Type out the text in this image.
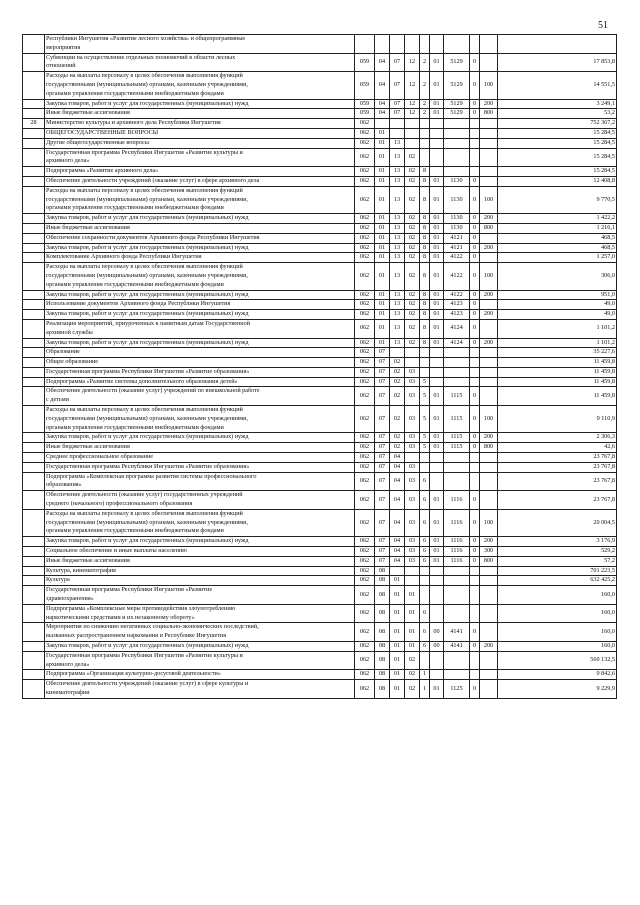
51
	Республики Ингушетия «Развитие лесного хозяйства» и общепрограммные
мероприятия										
	Субвенции на осуществление отдельных полномочий в области лесных
отношений	059	04	07	12	2	01	5129	0		17 853,8
	Расходы на выплаты персоналу в целях обеспечения выполнения функций
государственными (муниципальными) органами, казенными учреждениями,
органами управления государственными внебюджетными фондами	059	04	07	12	2	01	5129	0	100	14 551,5
	Закупка товаров, работ и услуг для государственных (муниципальных) нужд	059	04	07	12	2	01	5129	0	200	3 249,1
	Иные бюджетные ассигнования	059	04	07	12	2	01	5129	0	800	53,2
28	Министерство культуры и архивного дела Республики Ингушетия	062									752 367,2
	ОБЩЕГОСУДАРСТВЕННЫЕ ВОПРОСЫ	062	01								15 284,5
	Другие общегосударственные вопросы	062	01	13							15 284,5
	Государственная программа Республики Ингушетия «Развитие культуры и
архивного дела»	062	01	13	02						15 284,5
	Подпрограмма «Развитие архивного дела»	062	01	13	02	8					15 284,5
	Обеспечение деятельности учреждений (оказание услуг) в сфере архивного дела	062	01	13	02	8	01	1130	0		12 408,8
	Расходы на выплаты персоналу в целях обеспечения выполнения функций
государственными (муниципальными) органами, казенными учреждениями,
органами управления государственными внебюджетными фондами	062	01	13	02	8	01	1130	0	100	9 770,5
	Закупка товаров, работ и услуг для государственных (муниципальных) нужд	062	01	13	02	8	01	1130	0	200	1 422,2
	Иные бюджетные ассигнования	062	01	13	02	8	01	1130	0	800	1 216,1
	Обеспечение сохранности документов Архивного фонда Республики Ингушетия	062	01	13	02	8	01	4121	0		468,5
	Закупка товаров, работ и услуг для государственных (муниципальных) нужд	062	01	13	02	8	01	4121	0	200	468,5
	Комплектование Архивного фонда Республики Ингушетия	062	01	13	02	8	01	4122	0		1 257,0
	Расходы на выплаты персоналу в целях обеспечения выполнения функций
государственными (муниципальными) органами, казенными учреждениями,
органами управления государственными внебюджетными фондами	062	01	13	02	8	01	4122	0	100	306,0
	Закупка товаров, работ и услуг для государственных (муниципальных) нужд	062	01	13	02	8	01	4122	0	200	951,0
	Использование документов Архивного фонда Республики Ингушетия	062	01	13	02	8	01	4123	0		49,0
	Закупка товаров, работ и услуг для государственных (муниципальных) нужд	062	01	13	02	8	01	4123	0	200	49,0
	Реализация мероприятий, приуроченных к памятным датам Государственной
архивной службы	062	01	13	02	8	01	4124	0		1 101,2
	Закупка товаров, работ и услуг для государственных (муниципальных) нужд	062	01	13	02	8	01	4124	0	200	1 101,2
	Образование	062	07								35 227,6
	Общее образование	062	07	02							11 459,8
	Государственная программа Республики Ингушетия «Развитие образования»	062	07	02	03						11 459,8
	Подпрограмма «Развитие системы дополнительного образования детей»	062	07	02	03	5					11 459,8
	Обеспечение деятельности (оказание услуг) учреждений по внешкольной работе
с детьми	062	07	02	03	5	01	1115	0		11 459,8
	Расходы на выплаты персоналу в целях обеспечения выполнения функций
государственными (муниципальными) органами, казенными учреждениями,
органами управления государственными внебюджетными фондами	062	07	02	03	5	01	1115	0	100	9 110,9
	Закупка товаров, работ и услуг для государственных (муниципальных) нужд	062	07	02	03	5	01	1115	0	200	2 306,3
	Иные бюджетные ассигнования	062	07	02	03	5	01	1115	0	800	42,6
	Среднее профессиональное образование	062	07	04							23 767,8
	Государственная программа Республики Ингушетия «Развитие образования»	062	07	04	03						23 767,8
	Подпрограмма «Комплексная программа развития системы профессионального
образования»	062	07	04	03	6					23 767,8
	Обеспечение деятельности (оказание услуг) государственных учреждений
среднего (начального) профессионального образования	062	07	04	03	6	01	1116	0		23 767,8
	Расходы на выплаты персоналу в целях обеспечения выполнения функций
государственными (муниципальными) органами, казенными учреждениями,
органами управления государственными внебюджетными фондами	062	07	04	03	6	01	1116	0	100	20 004,5
	Закупка товаров, работ и услуг для государственных (муниципальных) нужд	062	07	04	03	6	01	1116	0	200	3 176,9
	Социальное обеспечение и иные выплаты населению	062	07	04	03	6	01	1116	0	300	529,2
	Иные бюджетные ассигнования	062	07	04	03	6	01	1116	0	800	57,2
	Культура, кинематография	062	08								701 223,5
	Культура	062	08	01							632 425,2
	Государственная программа Республики Ингушетия «Развитие
здравоохранения»	062	08	01	01						160,0
	Подпрограмма «Комплексные меры противодействия злоупотреблению
наркотическими средствами и их незаконному обороту»	062	08	01	01	6					160,0
	Мероприятия по снижению негативных социально-экономических последствий,
вызванных распространением наркомании в Республике Ингушетия	062	08	01	01	6	00	4141	0		160,0
	Закупка товаров, работ и услуг для государственных (муниципальных) нужд	062	08	01	01	6	00	4141	0	200	160,0
	Государственная программа Республики Ингушетия «Развитие культуры и
архивного дела»	062	08	01	02						560 132,5
	Подпрограмма «Организация культурно-досуговой деятельности»	062	08	01	02	1					9 842,6
	Обеспечение деятельности учреждений (оказание услуг) в сфере культуры и
кинематографии	062	08	01	02	1	01	1125	0		9 229,9
